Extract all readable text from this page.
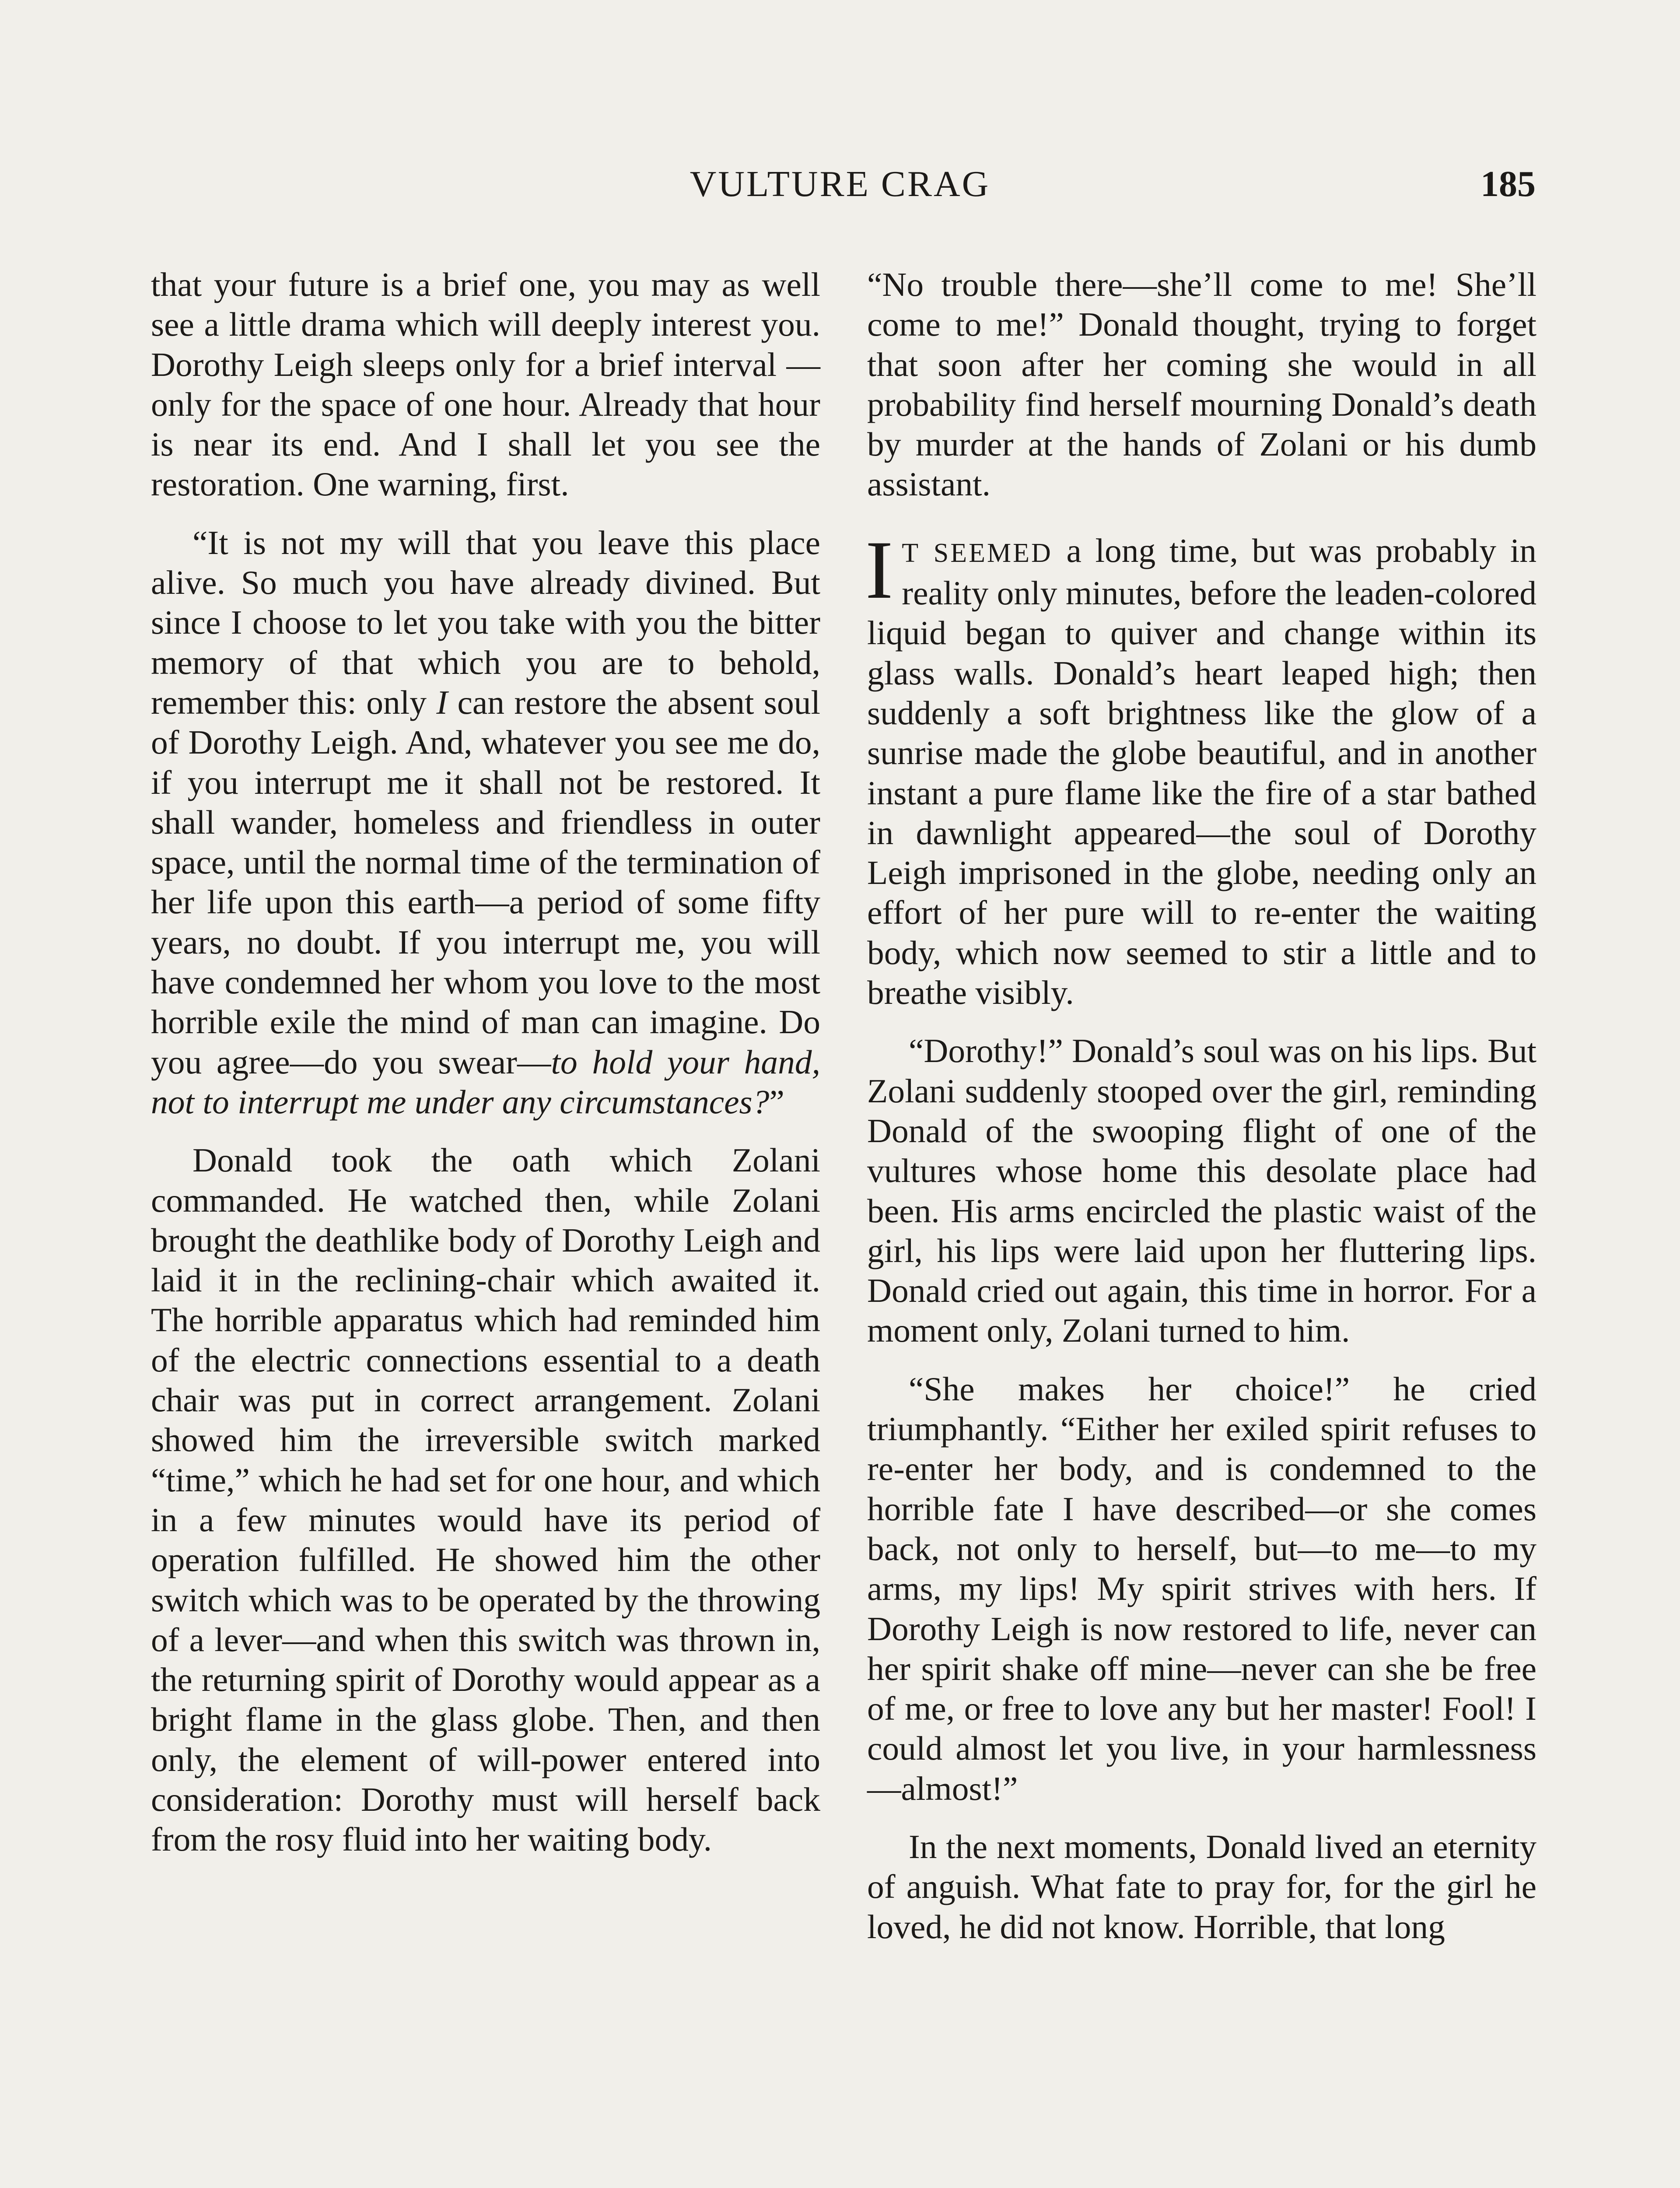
VULTURE CRAG	185

that your future is a brief one, you may as well see a little drama which will deeply interest you. Dorothy Leigh sleeps only for a brief interval —only for the space of one hour. Already that hour is near its end. And I shall let you see the restoration. One warning, first.

“It is not my will that you leave this place alive. So much you have already divined. But since I choose to let you take with you the bitter memory of that which you are to behold, remember this: only I can restore the absent soul of Dorothy Leigh. And, whatever you see me do, if you interrupt me it shall not be restored. It shall wander, homeless and friendless in outer space, until the normal time of the termination of her life upon this earth—a period of some fifty years, no doubt. If you interrupt me, you will have condemned her whom you love to the most horrible exile the mind of man can imagine. Do you agree—do you swear—to hold your hand, not to interrupt me under any circumstances?”

Donald took the oath which Zolani commanded. He watched then, while Zolani brought the deathlike body of Dorothy Leigh and laid it in the reclining-chair which awaited it. The horrible apparatus which had reminded him of the electric connections essential to a death chair was put in correct arrangement. Zolani showed him the irreversible switch marked “time,” which he had set for one hour, and which in a few minutes would have its period of operation fulfilled. He showed him the other switch which was to be operated by the throwing of a lever—and when this switch was thrown in, the returning spirit of Dorothy would appear as a bright flame in the glass globe. Then, and then only, the element of will-power entered into consideration: Dorothy must will herself back from the rosy fluid into her waiting body.

“No trouble there—she’ll come to me! She’ll come to me!” Donald thought, trying to forget that soon after her coming she would in all probability find herself mourning Donald’s death by murder at the hands of Zolani or his dumb assistant.

I T SEEMED a long time, but was probably in reality only minutes, before the leaden-colored liquid began to quiver and change within its glass walls. Donald’s heart leaped high; then suddenly a soft brightness like the glow of a sunrise made the globe beautiful, and in another instant a pure flame like the fire of a star bathed in dawnlight appeared—the soul of Dorothy Leigh imprisoned in the globe, needing only an effort of her pure will to re-enter the waiting body, which now seemed to stir a little and to breathe visibly.

“Dorothy!” Donald’s soul was on his lips. But Zolani suddenly stooped over the girl, reminding Donald of the swooping flight of one of the vultures whose home this desolate place had been. His arms encircled the plastic waist of the girl, his lips were laid upon her fluttering lips. Donald cried out again, this time in horror. For a moment only, Zolani turned to him.

“She makes her choice!” he cried triumphantly. “Either her exiled spirit refuses to re-enter her body, and is condemned to the horrible fate I have described—or she comes back, not only to herself, but—to me—to my arms, my lips! My spirit strives with hers. If Dorothy Leigh is now restored to life, never can her spirit shake off mine—never can she be free of me, or free to love any but her master! Fool! I could almost let you live, in your harmlessness—almost!”

In the next moments, Donald lived an eternity of anguish. What fate to pray for, for the girl he loved, he did not know. Horrible, that long
